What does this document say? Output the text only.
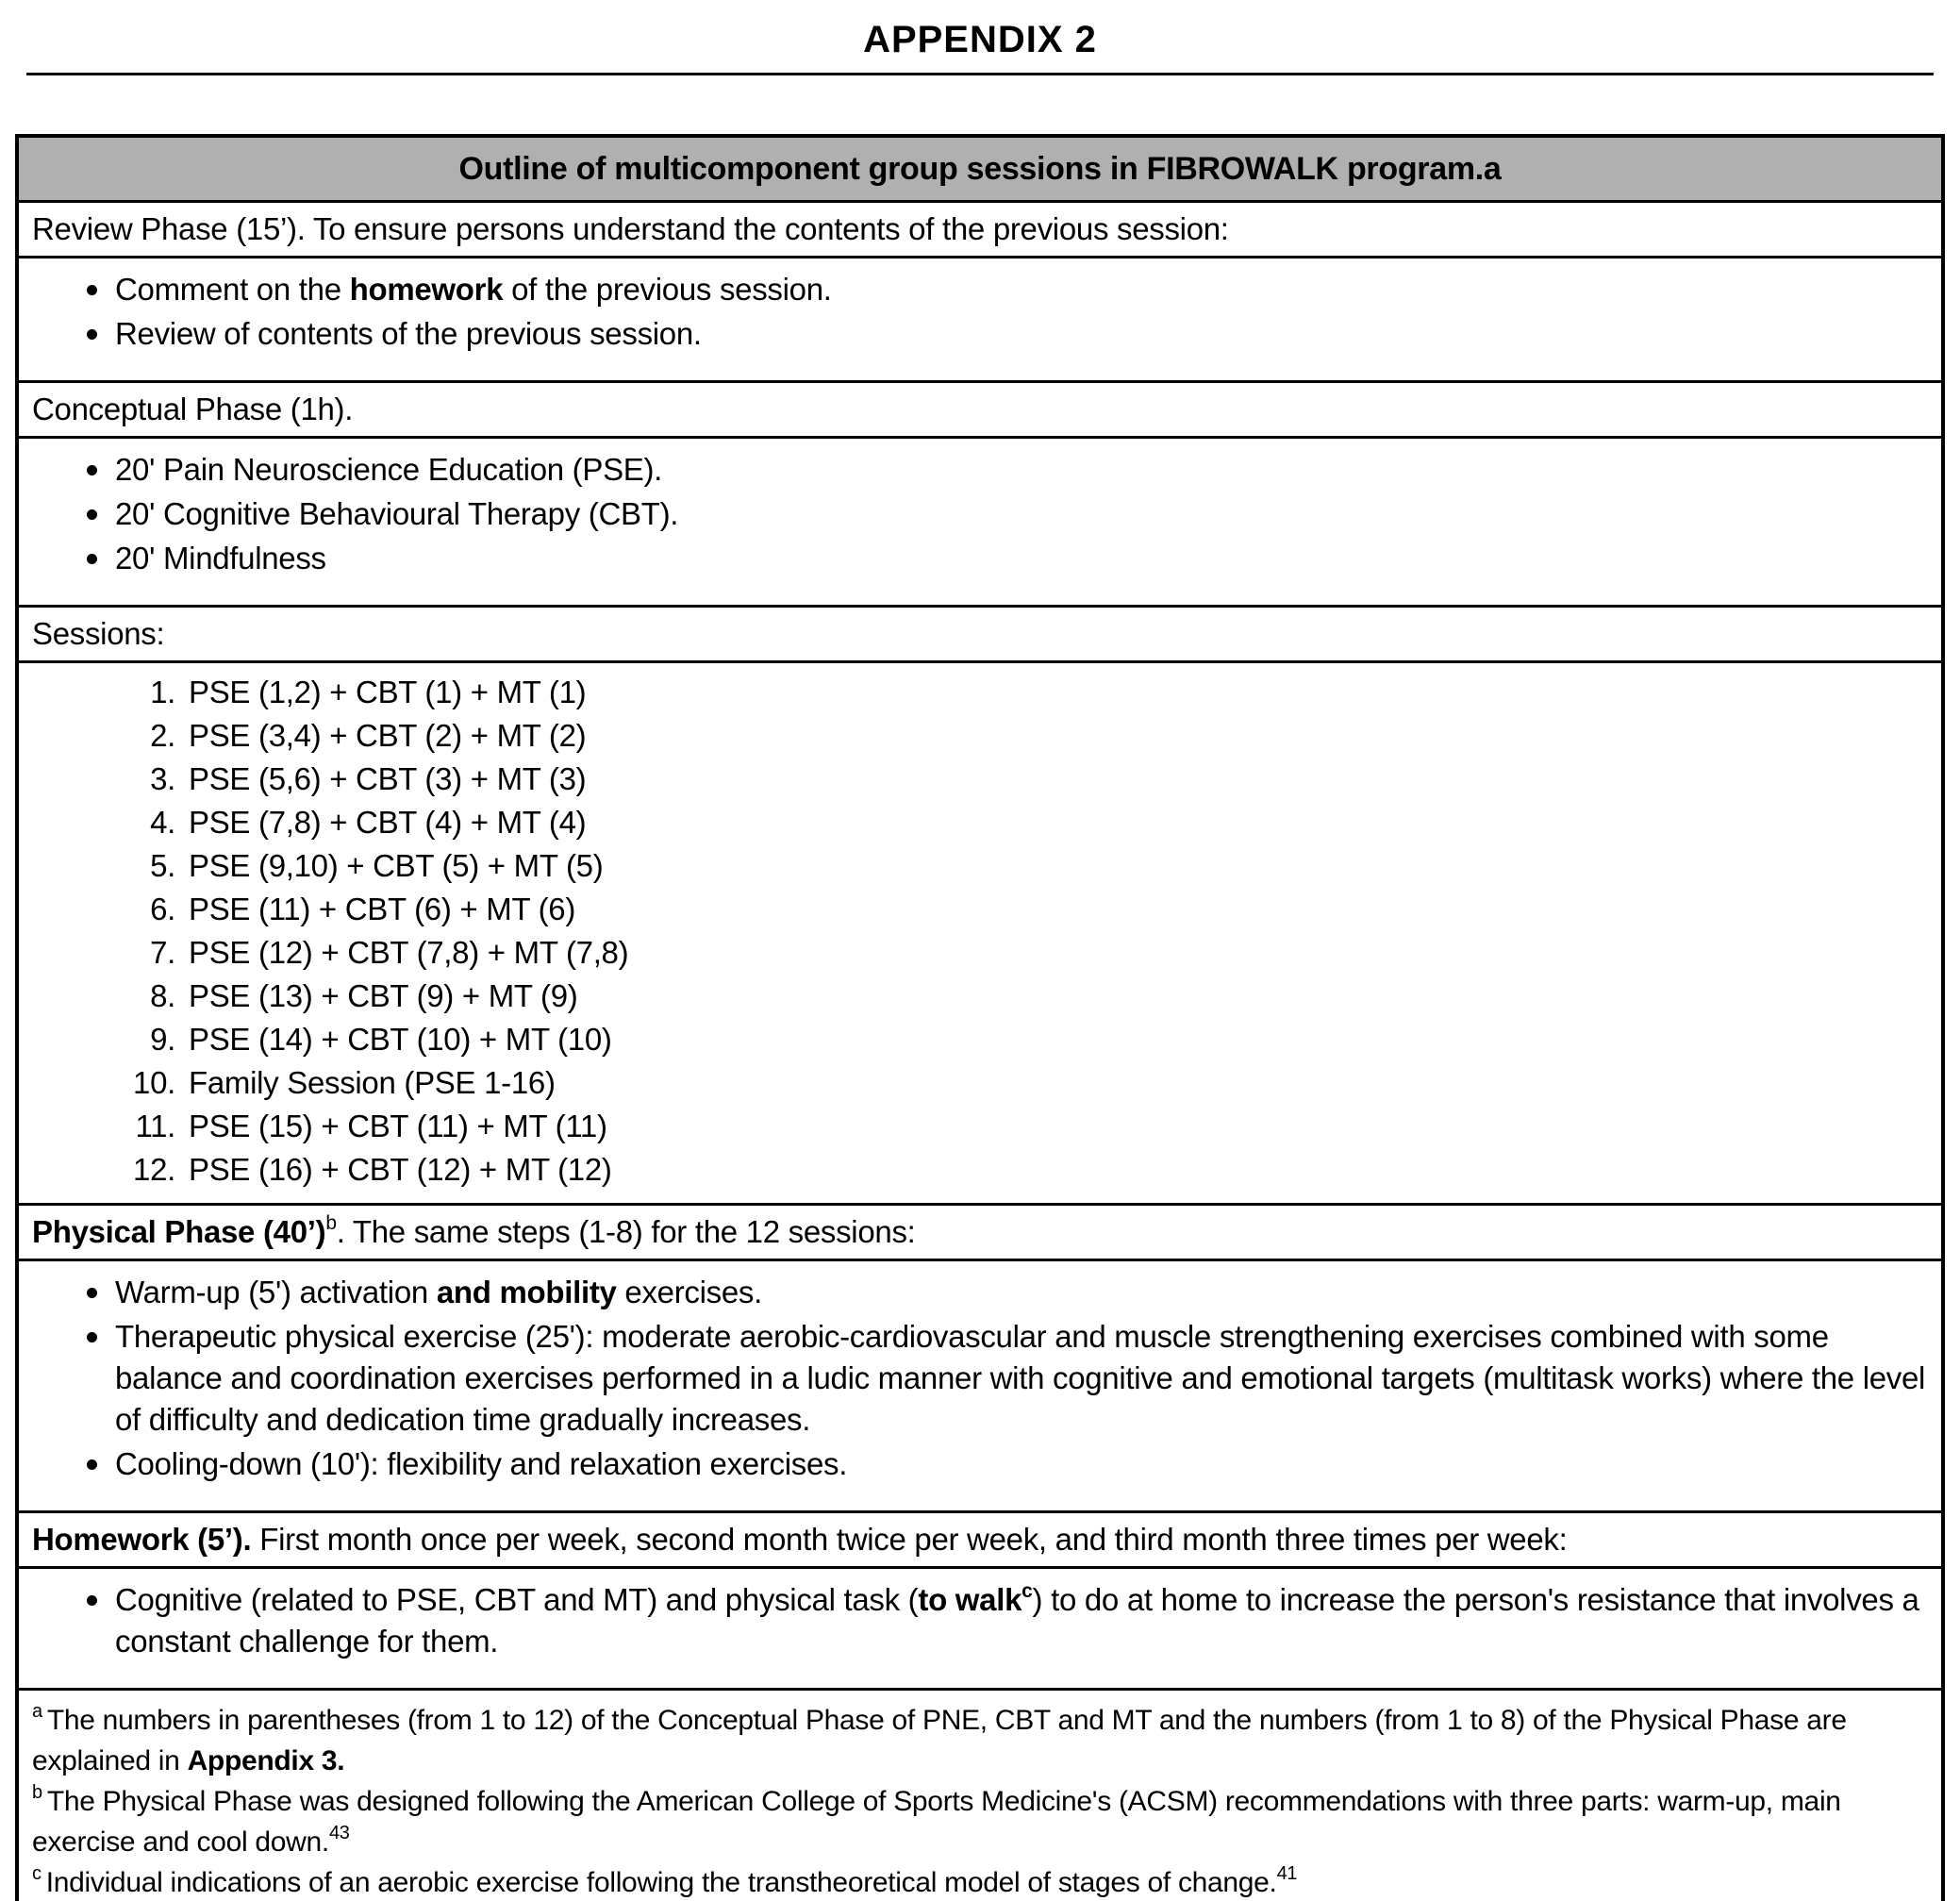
APPENDIX 2
Outline of multicomponent group sessions in FIBROWALK program.a
Review Phase (15’). To ensure persons understand the contents of the previous session:
Comment on the homework of the previous session.
Review of contents of the previous session.
Conceptual Phase (1h).
20' Pain Neuroscience Education (PSE).
20' Cognitive Behavioural Therapy (CBT).
20' Mindfulness
Sessions:
1. PSE (1,2) + CBT (1) + MT (1)
2. PSE (3,4) + CBT (2) + MT (2)
3. PSE (5,6) + CBT (3) + MT (3)
4. PSE (7,8) + CBT (4) + MT (4)
5. PSE (9,10) + CBT (5) + MT (5)
6. PSE (11) + CBT (6) + MT (6)
7. PSE (12) + CBT (7,8) + MT (7,8)
8. PSE (13) + CBT (9) + MT (9)
9. PSE (14) + CBT (10) + MT (10)
10. Family Session (PSE 1-16)
11. PSE (15) + CBT (11) + MT (11)
12. PSE (16) + CBT (12) + MT (12)
Physical Phase (40’)$^b$. The same steps (1-8) for the 12 sessions:
Warm-up (5') activation and mobility exercises.
Therapeutic physical exercise (25'): moderate aerobic-cardiovascular and muscle strengthening exercises combined with some balance and coordination exercises performed in a ludic manner with cognitive and emotional targets (multitask works) where the level of difficulty and dedication time gradually increases.
Cooling-down (10'): flexibility and relaxation exercises.
Homework (5’). First month once per week, second month twice per week, and third month three times per week:
Cognitive (related to PSE, CBT and MT) and physical task (to walk$^c$) to do at home to increase the person's resistance that involves a constant challenge for them.

$^a$ The numbers in parentheses (from 1 to 12) of the Conceptual Phase of PNE, CBT and MT and the numbers (from 1 to 8) of the Physical Phase are explained in Appendix 3.

$^b$ The Physical Phase was designed following the American College of Sports Medicine's (ACSM) recommendations with three parts: warm-up, main exercise and cool down.$^{43}$

$^c$ Individual indications of an aerobic exercise following the transtheoretical model of stages of change.$^{41}$
